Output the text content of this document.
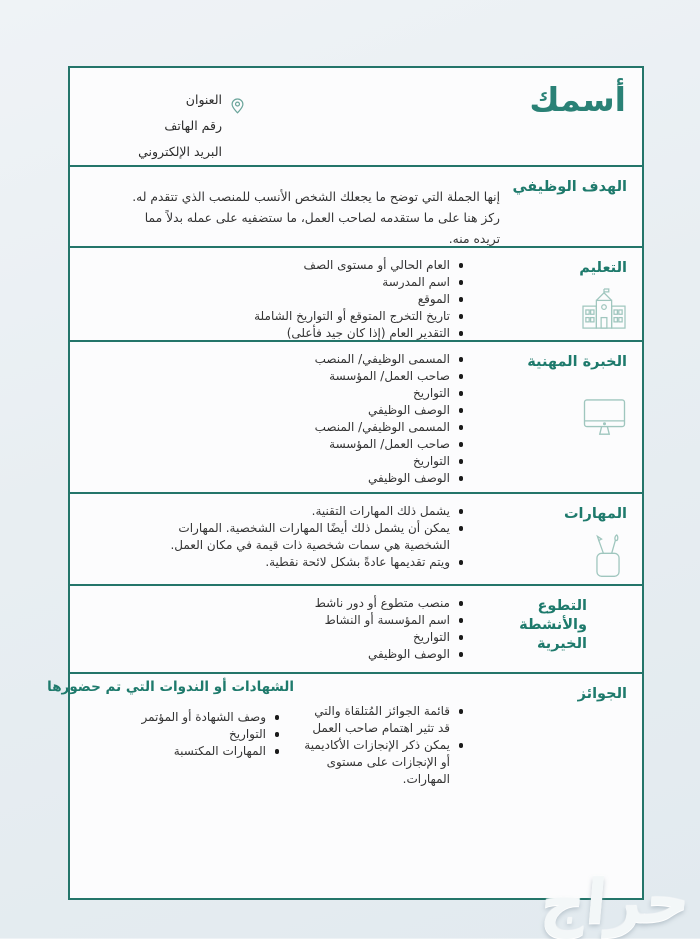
أسمك
العنوان
رقم الهاتف
البريد الإلكتروني
الهدف الوظيفي

إنها الجملة التي توضح ما يجعلك الشخص الأنسب للمنصب الذي تتقدم له. ركز هنا على ما ستقدمه لصاحب العمل، ما ستضفيه على عمله بدلاً مما تريده منه.

التعليم
العام الحالي أو مستوى الصف
اسم المدرسة
الموقع
تاريخ التخرج المتوقع أو التواريخ الشاملة
التقدير العام (إذا كان جيد فأعلى)
الخبرة المهنية
المسمى الوظيفي/ المنصب
صاحب العمل/ المؤسسة
التواريخ
الوصف الوظيفي
المسمى الوظيفي/ المنصب
صاحب العمل/ المؤسسة
التواريخ
الوصف الوظيفي
المهارات
يشمل ذلك المهارات التقنية.
يمكن أن يشمل ذلك أيضًا المهارات الشخصية. المهارات الشخصية هي سمات شخصية ذات قيمة في مكان العمل.
ويتم تقديمها عادةً بشكل لائحة نقطية.
التطوع والأنشطة الخيرية
منصب متطوع أو دور ناشط
اسم المؤسسة أو النشاط
التواريخ
الوصف الوظيفي
الجوائز
قائمة الجوائز المُتلقاة والتي قد تثير اهتمام صاحب العمل
يمكن ذكر الإنجازات الأكاديمية أو الإنجازات على مستوى المهارات.
الشهادات أو الندوات التي تم حضورها
وصف الشهادة أو المؤتمر
التواريخ
المهارات المكتسبة
حراج
